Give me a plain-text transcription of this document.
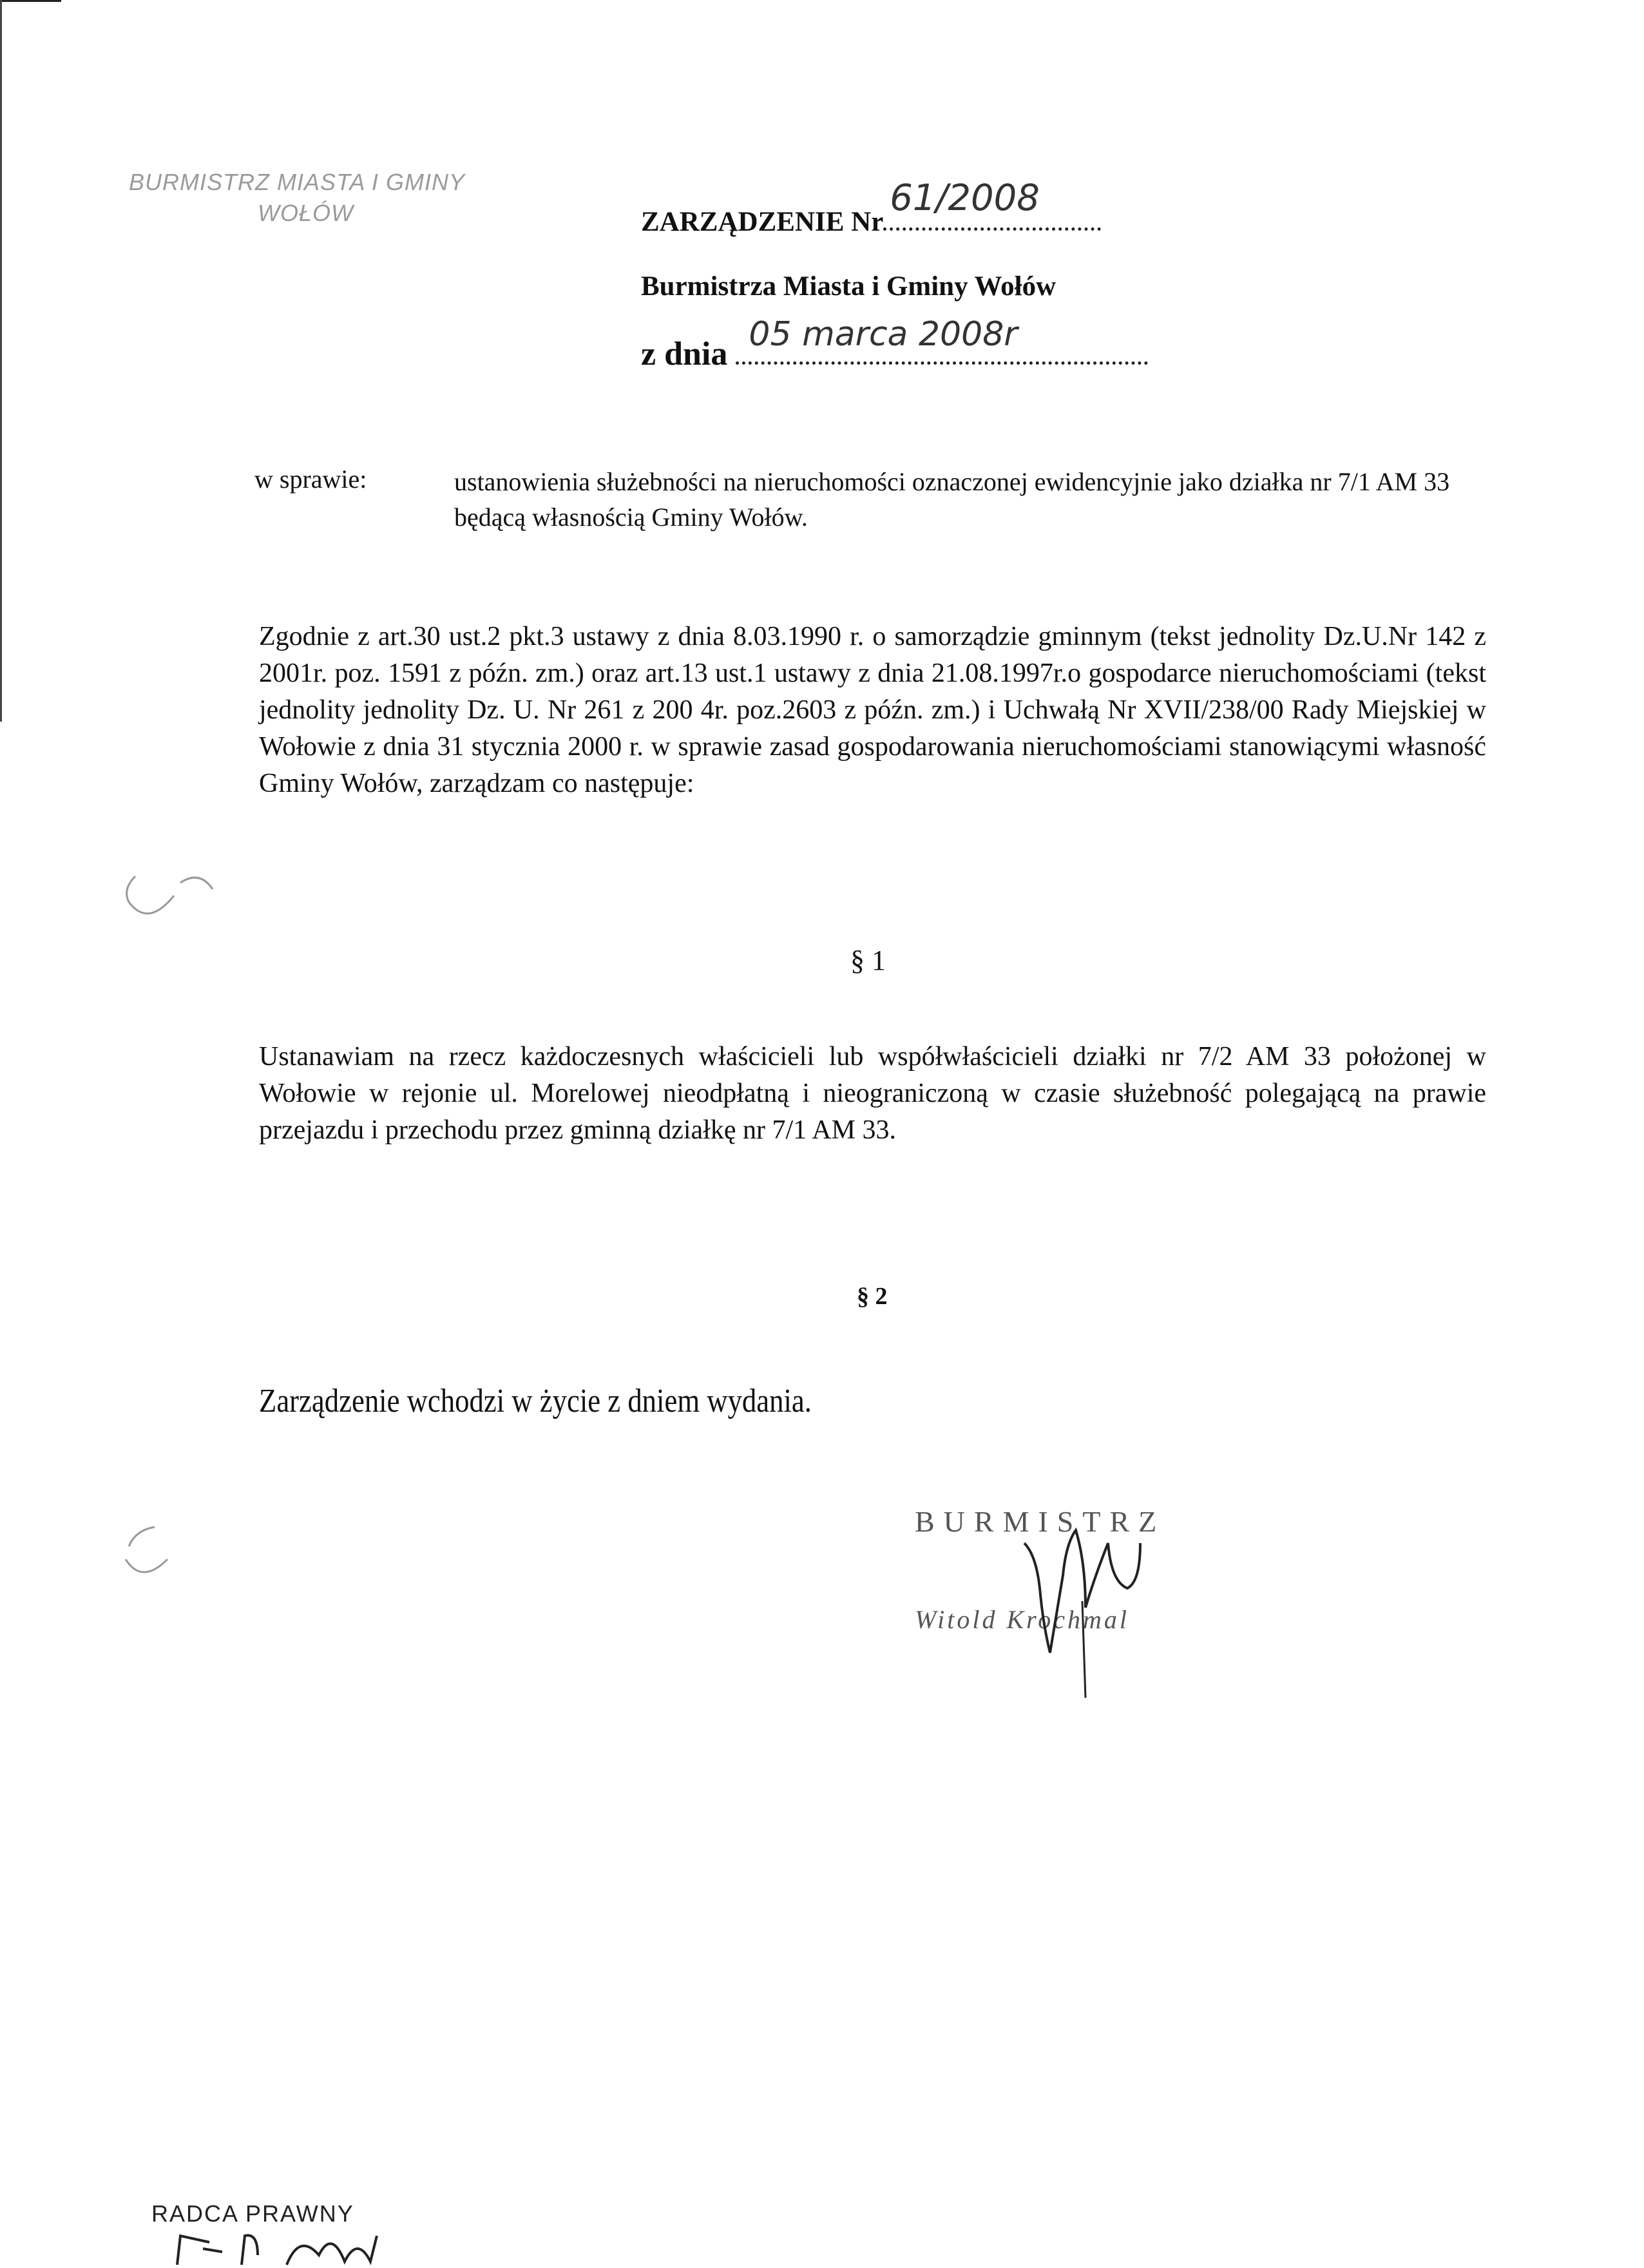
BURMISTRZ MIASTA I GMINY
WOŁÓW	ZARZĄDZENIE Nr
61/2008
Burmistrza Miasta i Gminy Wołów
z dnia
05 marca 2008r
w sprawie:	ustanowienia służebności na nieruchomości oznaczonej ewidencyjnie jako działka nr 7/1 AM 33 będącą własnością Gminy Wołów.
Zgodnie z art.30 ust.2 pkt.3 ustawy z dnia 8.03.1990 r. o samorządzie gminnym (tekst jednolity Dz.U.Nr 142 z 2001r. poz. 1591 z późn. zm.) oraz art.13 ust.1 ustawy z dnia 21.08.1997r.o gospodarce nieruchomościami (tekst jednolity jednolity Dz. U. Nr 261 z 200 4r. poz.2603 z późn. zm.) i Uchwałą Nr XVII/238/00 Rady Miejskiej w Wołowie z dnia 31 stycznia 2000 r. w sprawie zasad gospodarowania nieruchomościami stanowiącymi własność Gminy Wołów, zarządzam co następuje:
§ 1
Ustanawiam na rzecz każdoczesnych właścicieli lub współwłaścicieli działki nr 7/2 AM 33 położonej w Wołowie w rejonie ul. Morelowej nieodpłatną i nieograniczoną w czasie służebność polegającą na prawie przejazdu i przechodu przez gminną działkę nr 7/1 AM 33.
§ 2
Zarządzenie wchodzi w życie z dniem wydania.
BURMISTRZ
Witold Krochmal
RADCA PRAWNY
